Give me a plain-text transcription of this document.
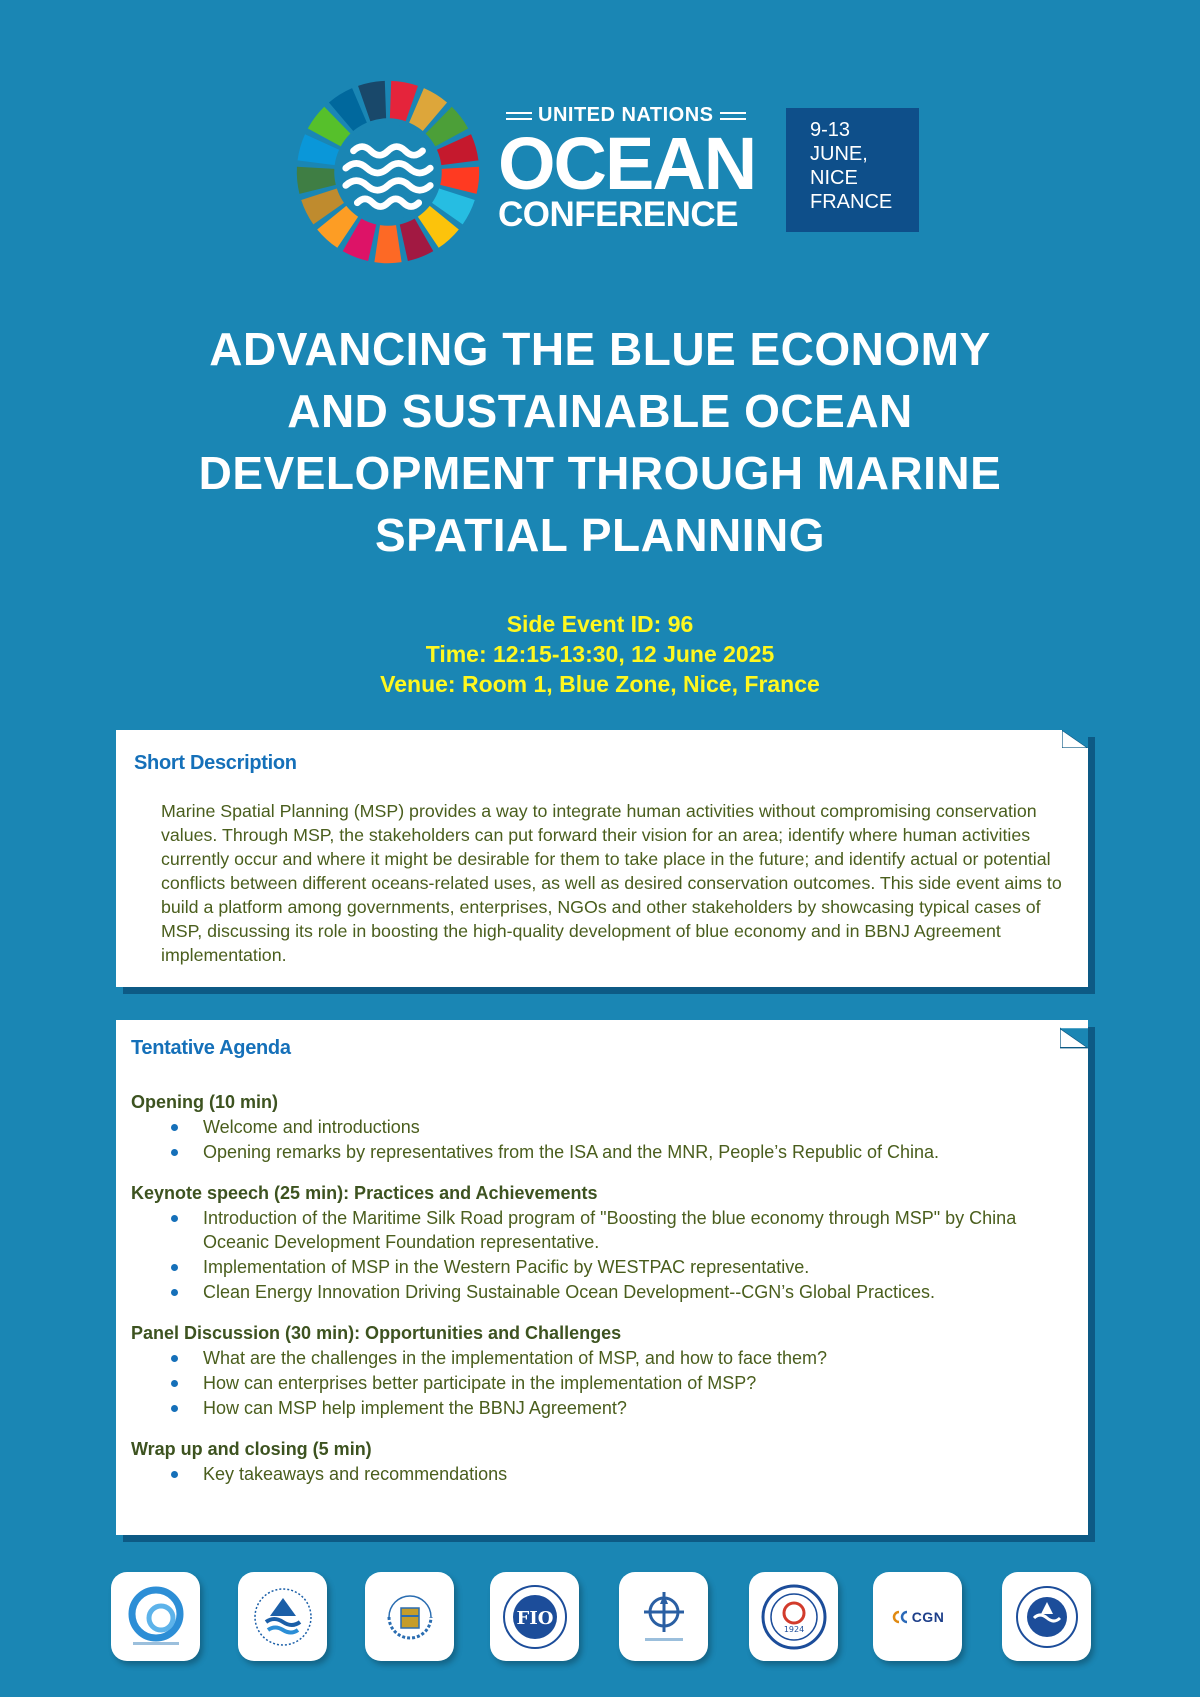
UNITED NATIONS
OCEAN
CONFERENCE
9-13
JUNE,
NICE
FRANCE
ADVANCING THE BLUE ECONOMY
AND SUSTAINABLE OCEAN
DEVELOPMENT THROUGH MARINE
SPATIAL PLANNING
Side Event ID: 96
Time: 12:15-13:30, 12 June 2025
Venue: Room 1, Blue Zone, Nice, France
Short Description
Marine Spatial Planning (MSP) provides a way to integrate human activities without compromising conservation values. Through MSP, the stakeholders can put forward their vision for an area; identify where human activities currently occur and where it might be desirable for them to take place in the future; and identify actual or potential conflicts between different oceans-related uses, as well as desired conservation outcomes. This side event aims to build a platform among governments, enterprises, NGOs and other stakeholders by showcasing typical cases of MSP, discussing its role in boosting the high-quality development of blue economy and in BBNJ Agreement implementation.
Tentative Agenda
Opening (10 min)
Welcome and introductions
Opening remarks by representatives from the ISA and the MNR, People’s Republic of China.
Keynote speech (25 min): Practices and Achievements
Introduction of the Maritime Silk Road program of "Boosting the blue economy through MSP" by China Oceanic Development Foundation representative.
Implementation of MSP in the Western Pacific by WESTPAC representative.
Clean Energy Innovation Driving Sustainable Ocean Development--CGN’s Global Practices.
Panel Discussion (30 min): Opportunities and Challenges
What are the challenges in the implementation of MSP, and how to face them?
How can enterprises better participate in the implementation of MSP?
How can MSP help implement the BBNJ Agreement?
Wrap up and closing (5 min)
Key takeaways and recommendations
FIO
1924
CGN
